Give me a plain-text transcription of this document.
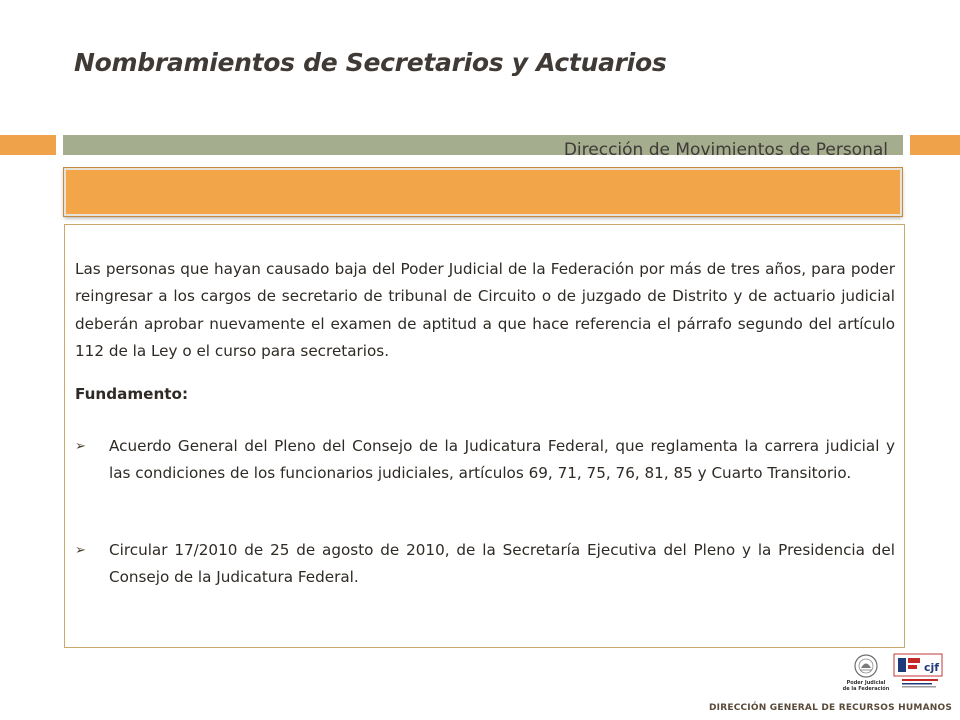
Nombramientos de Secretarios y Actuarios
Dirección de Movimientos de Personal
Las personas que hayan causado baja del Poder Judicial de la Federación por más de tres años, para poder reingresar a los cargos de secretario de tribunal de Circuito o de juzgado de Distrito y de actuario judicial deberán aprobar nuevamente el examen de aptitud a que hace referencia el párrafo segundo del artículo 112 de la Ley o el curso para secretarios.
Fundamento:
➢ Acuerdo General del Pleno del Consejo de la Judicatura Federal, que reglamenta la carrera judicial y las condiciones de los funcionarios judiciales, artículos 69, 71, 75, 76, 81, 85 y Cuarto Transitorio.
➢ Circular 17/2010 de 25 de agosto de 2010, de la Secretaría Ejecutiva del Pleno y la Presidencia del Consejo de la Judicatura Federal.
Poder Judicial
de la Federación
cjf
DIRECCIÓN GENERAL DE RECURSOS HUMANOS
